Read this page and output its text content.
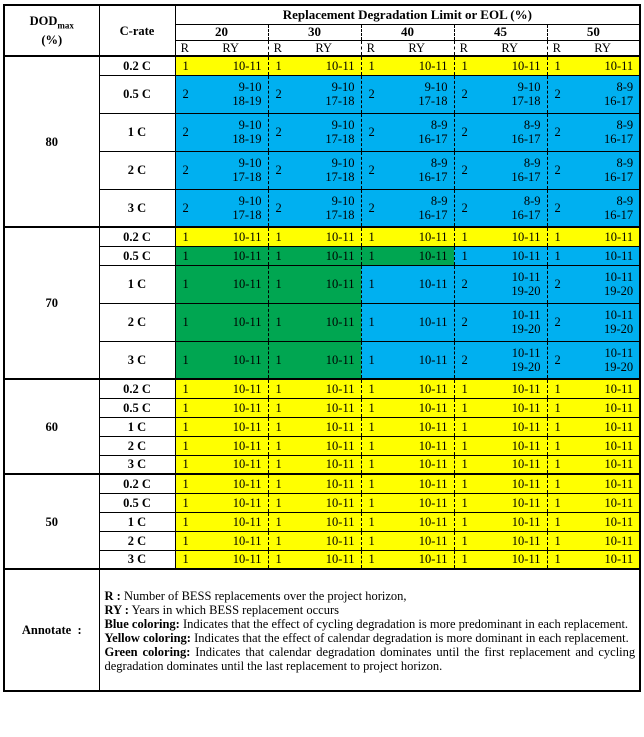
$DOD_{max}$
(%)	C-rate	Replacement Degradation Limit or EOL (%)									
		20		30		40		45		50	
		R	RY	R	RY	R	RY	R	RY	R	RY
80	0.2 C	1	10-11	1	10-11	1	10-11	1	10-11	1	10-11
	0.5 C	2	9-10
18-19	2	9-10
17-18	2	9-10
17-18	2	9-10
17-18	2	8-9
16-17
	1 C	2	9-10
18-19	2	9-10
17-18	2	8-9
16-17	2	8-9
16-17	2	8-9
16-17
	2 C	2	9-10
17-18	2	9-10
17-18	2	8-9
16-17	2	8-9
16-17	2	8-9
16-17
	3 C	2	9-10
17-18	2	9-10
17-18	2	8-9
16-17	2	8-9
16-17	2	8-9
16-17
70	0.2 C	1	10-11	1	10-11	1	10-11	1	10-11	1	10-11
	0.5 C	1	10-11	1	10-11	1	10-11	1	10-11	1	10-11
	1 C	1	10-11	1	10-11	1	10-11	2	10-11
19-20	2	10-11
19-20
	2 C	1	10-11	1	10-11	1	10-11	2	10-11
19-20	2	10-11
19-20
	3 C	1	10-11	1	10-11	1	10-11	2	10-11
19-20	2	10-11
19-20
60	0.2 C	1	10-11	1	10-11	1	10-11	1	10-11	1	10-11
	0.5 C	1	10-11	1	10-11	1	10-11	1	10-11	1	10-11
	1 C	1	10-11	1	10-11	1	10-11	1	10-11	1	10-11
	2 C	1	10-11	1	10-11	1	10-11	1	10-11	1	10-11
	3 C	1	10-11	1	10-11	1	10-11	1	10-11	1	10-11
50	0.2 C	1	10-11	1	10-11	1	10-11	1	10-11	1	10-11
	0.5 C	1	10-11	1	10-11	1	10-11	1	10-11	1	10-11
	1 C	1	10-11	1	10-11	1	10-11	1	10-11	1	10-11
	2 C	1	10-11	1	10-11	1	10-11	1	10-11	1	10-11
	3 C	1	10-11	1	10-11	1	10-11	1	10-11	1	10-11
Annotate :	R : Number of BESS replacements over the project horizon,
RY : Years in which BESS replacement occurs
Blue coloring: Indicates that the effect of cycling degradation is more predominant in each replacement.
Yellow coloring: Indicates that the effect of calendar degradation is more dominant in each replacement.
Green coloring: Indicates that calendar degradation dominates until the first replacement and cycling degradation dominates until the last replacement to project horizon.										
